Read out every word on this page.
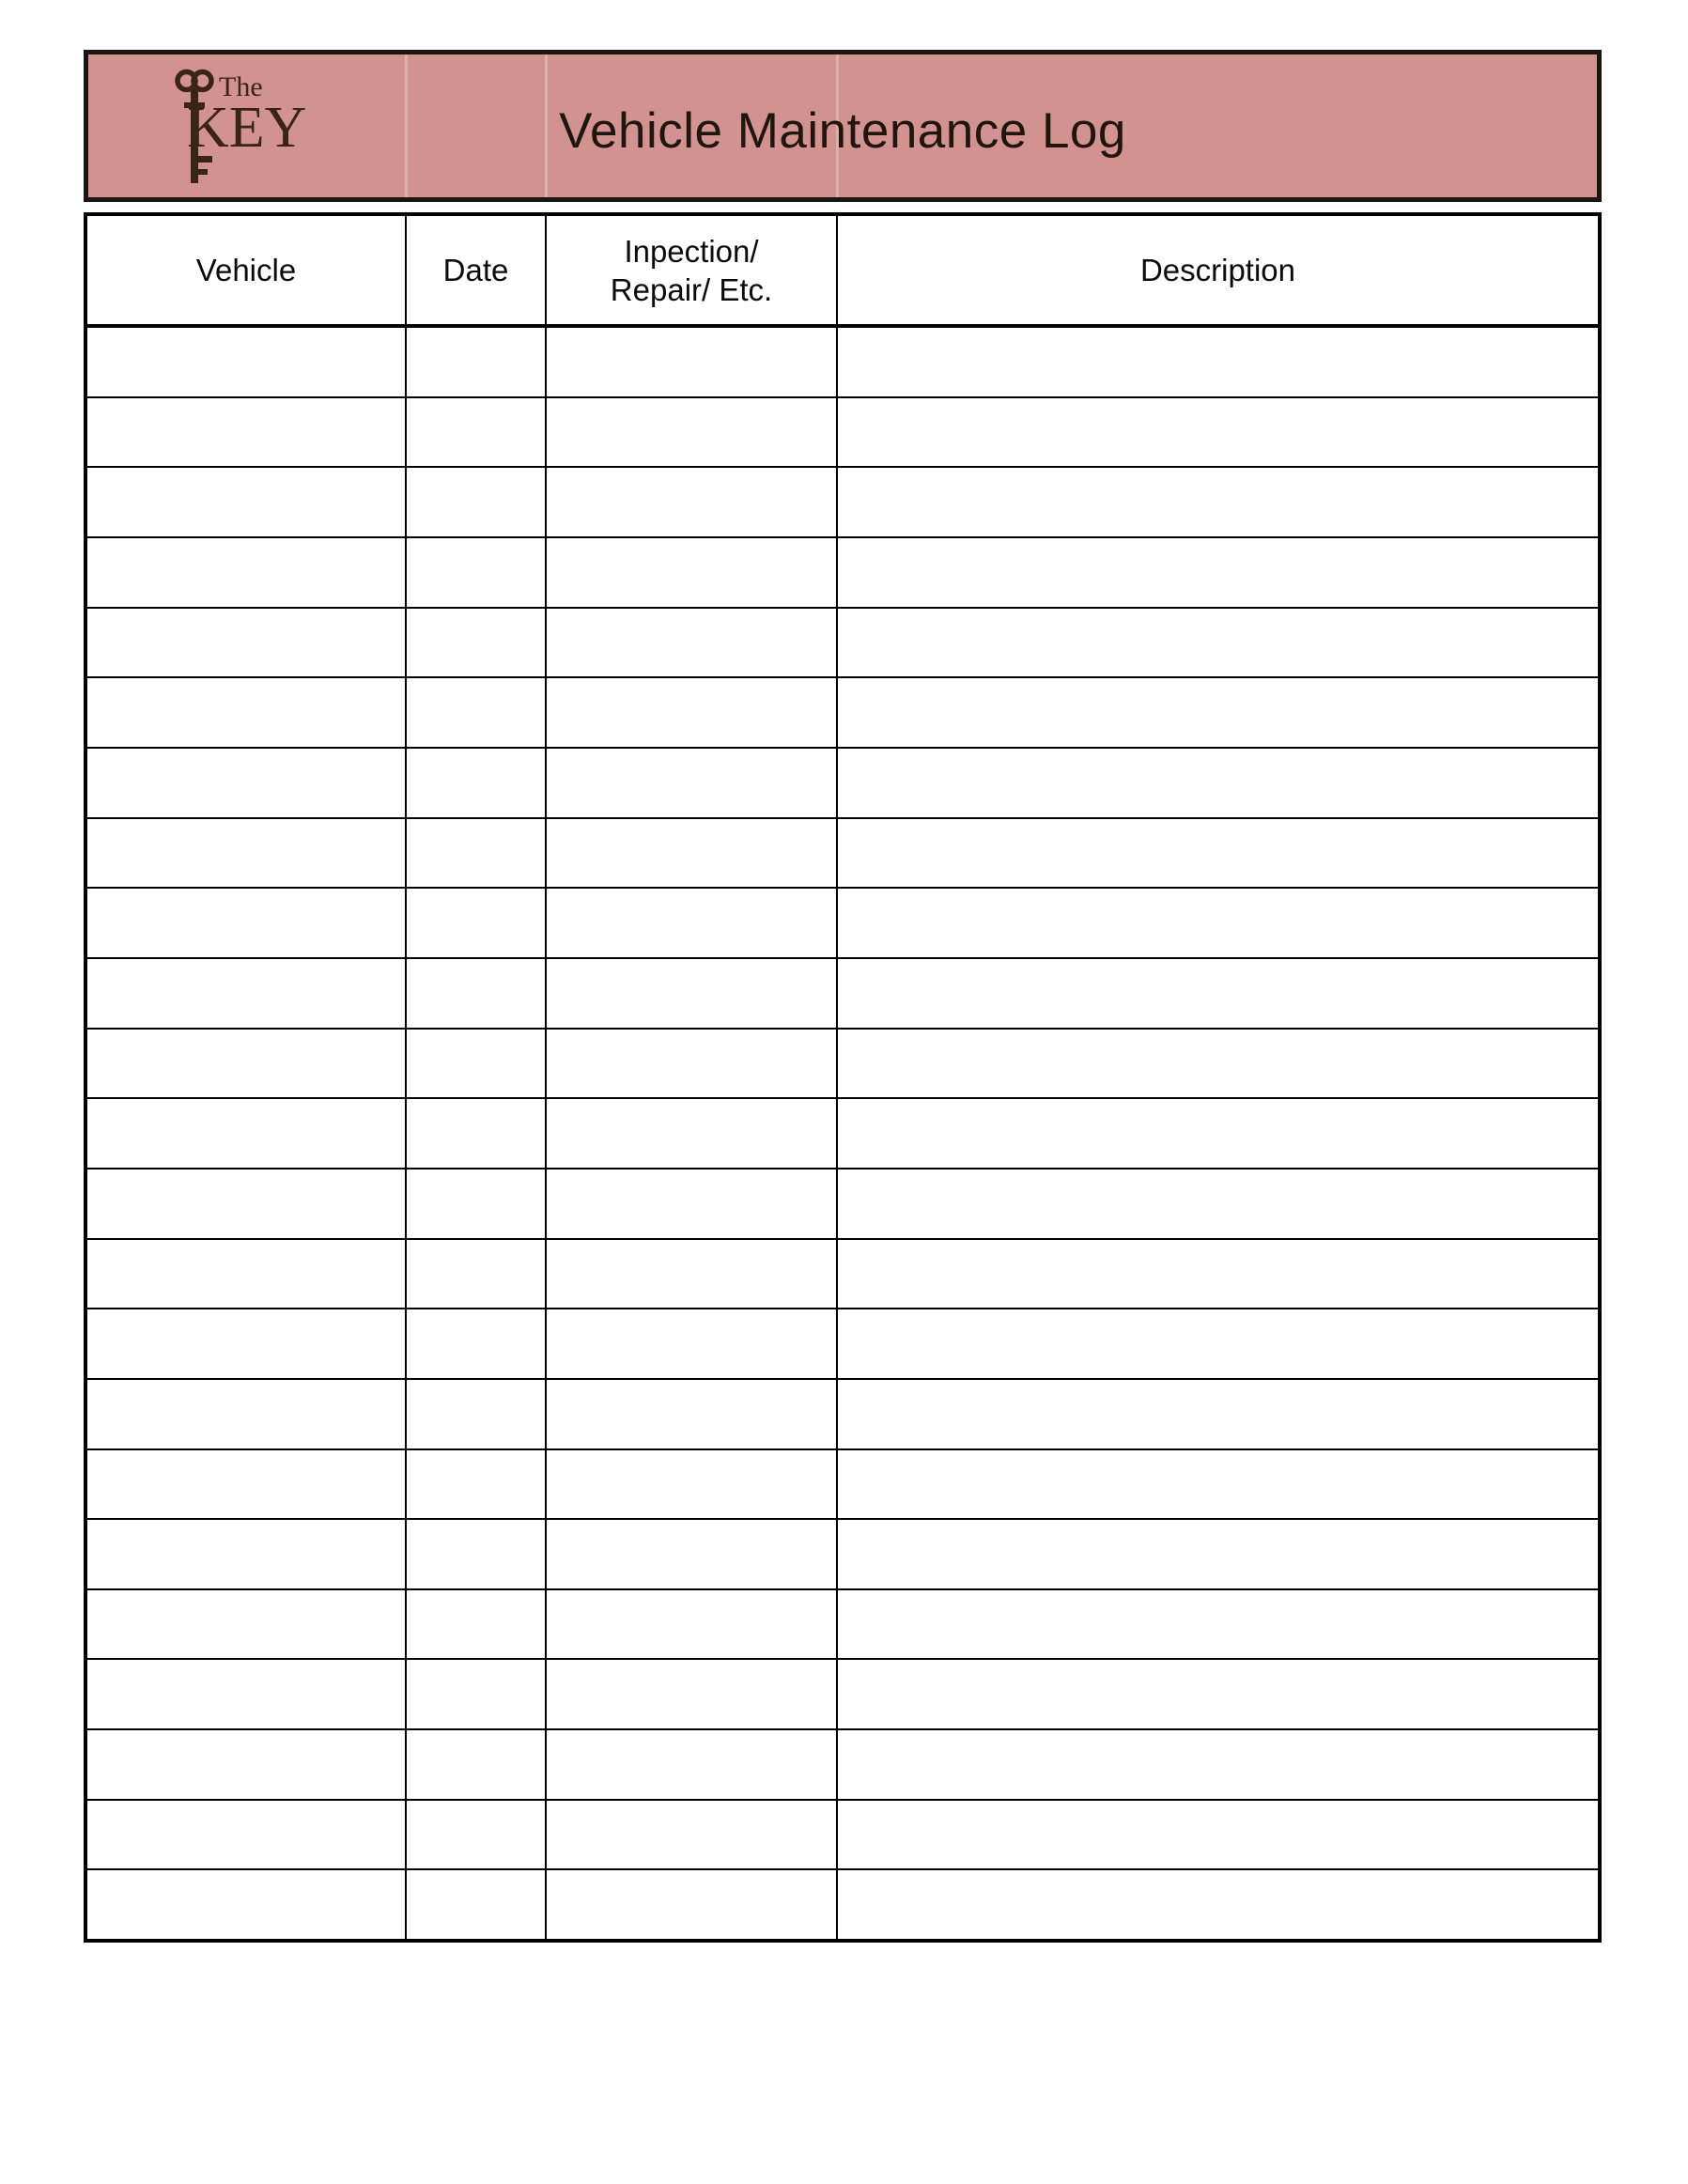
The
KEY	Vehicle Maintenance Log
Vehicle	Date
Inpection/
Repair/ Etc.
Description
